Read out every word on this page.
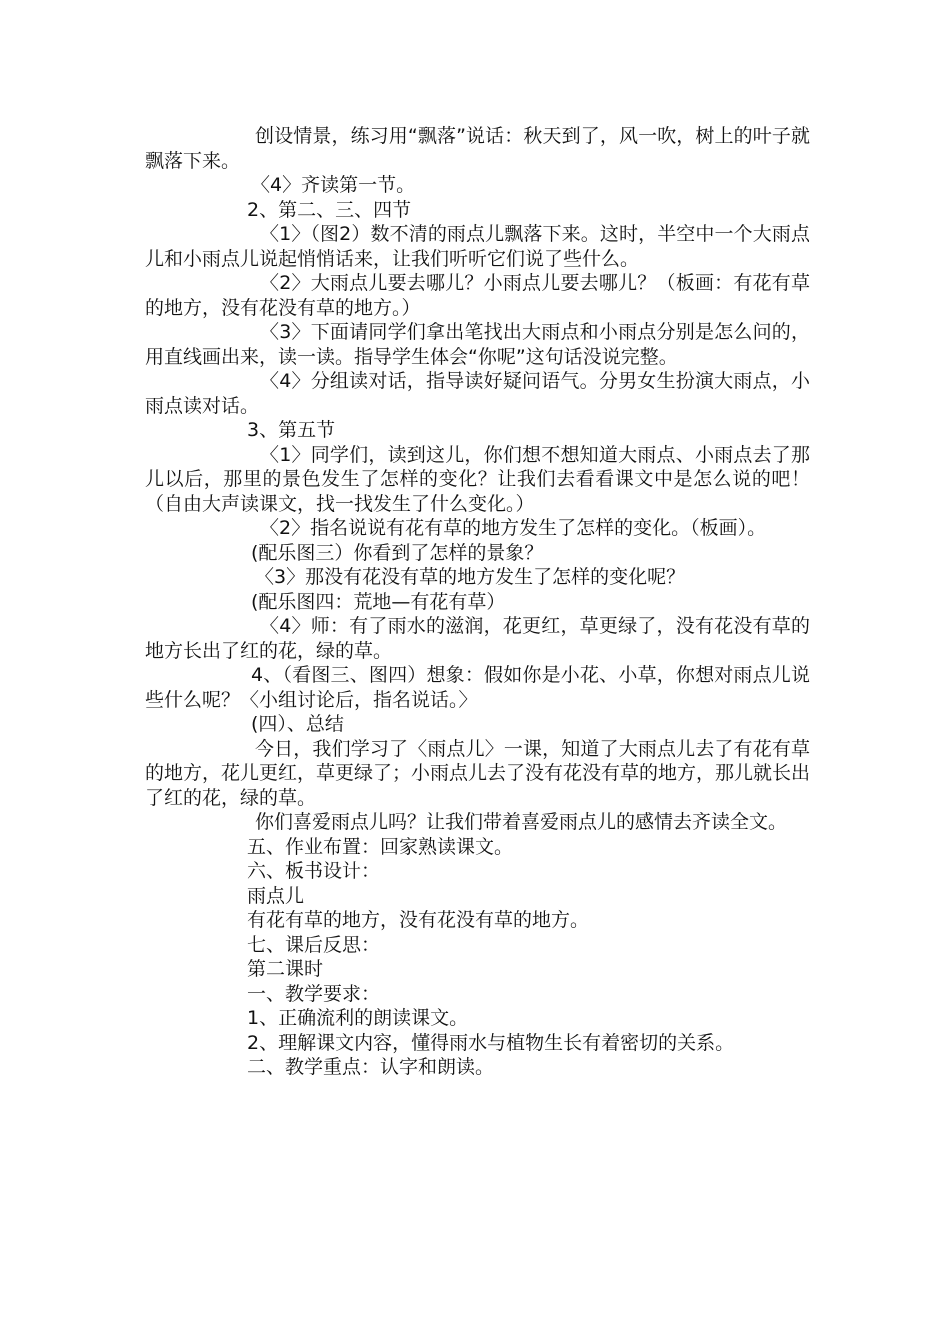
创设情景，练习用“飘落”说话：秋天到了，风一吹，树上的叶子就飘落下来。

〈4〉齐读第一节。

2、第二、三、四节

〈1〉（图2）数不清的雨点儿飘落下来。这时，半空中一个大雨点儿和小雨点儿说起悄悄话来，让我们听听它们说了些什么。

〈2〉大雨点儿要去哪儿？小雨点儿要去哪儿？（板画：有花有草的地方，没有花没有草的地方。）

〈3〉下面请同学们拿出笔找出大雨点和小雨点分别是怎么问的，用直线画出来，读一读。指导学生体会“你呢”这句话没说完整。

〈4〉分组读对话，指导读好疑问语气。分男女生扮演大雨点，小雨点读对话。

3、第五节

〈1〉同学们，读到这儿，你们想不想知道大雨点、小雨点去了那儿以后，那里的景色发生了怎样的变化？让我们去看看课文中是怎么说的吧！（自由大声读课文，找一找发生了什么变化。）

〈2〉指名说说有花有草的地方发生了怎样的变化。（板画）。

(配乐图三）你看到了怎样的景象？

〈3〉那没有花没有草的地方发生了怎样的变化呢？

(配乐图四：荒地—有花有草）

〈4〉师：有了雨水的滋润，花更红，草更绿了，没有花没有草的地方长出了红的花，绿的草。

4、（看图三、图四）想象：假如你是小花、小草，你想对雨点儿说些什么呢？〈小组讨论后，指名说话。〉

(四）、总结

今日，我们学习了〈雨点儿〉一课，知道了大雨点儿去了有花有草的地方，花儿更红，草更绿了；小雨点儿去了没有花没有草的地方，那儿就长出了红的花，绿的草。

你们喜爱雨点儿吗？让我们带着喜爱雨点儿的感情去齐读全文。

五、作业布置：回家熟读课文。

六、板书设计：

雨点儿

有花有草的地方，没有花没有草的地方。

七、课后反思：

第二课时

一、教学要求：

1、正确流利的朗读课文。

2、理解课文内容，懂得雨水与植物生长有着密切的关系。

二、教学重点：认字和朗读。
